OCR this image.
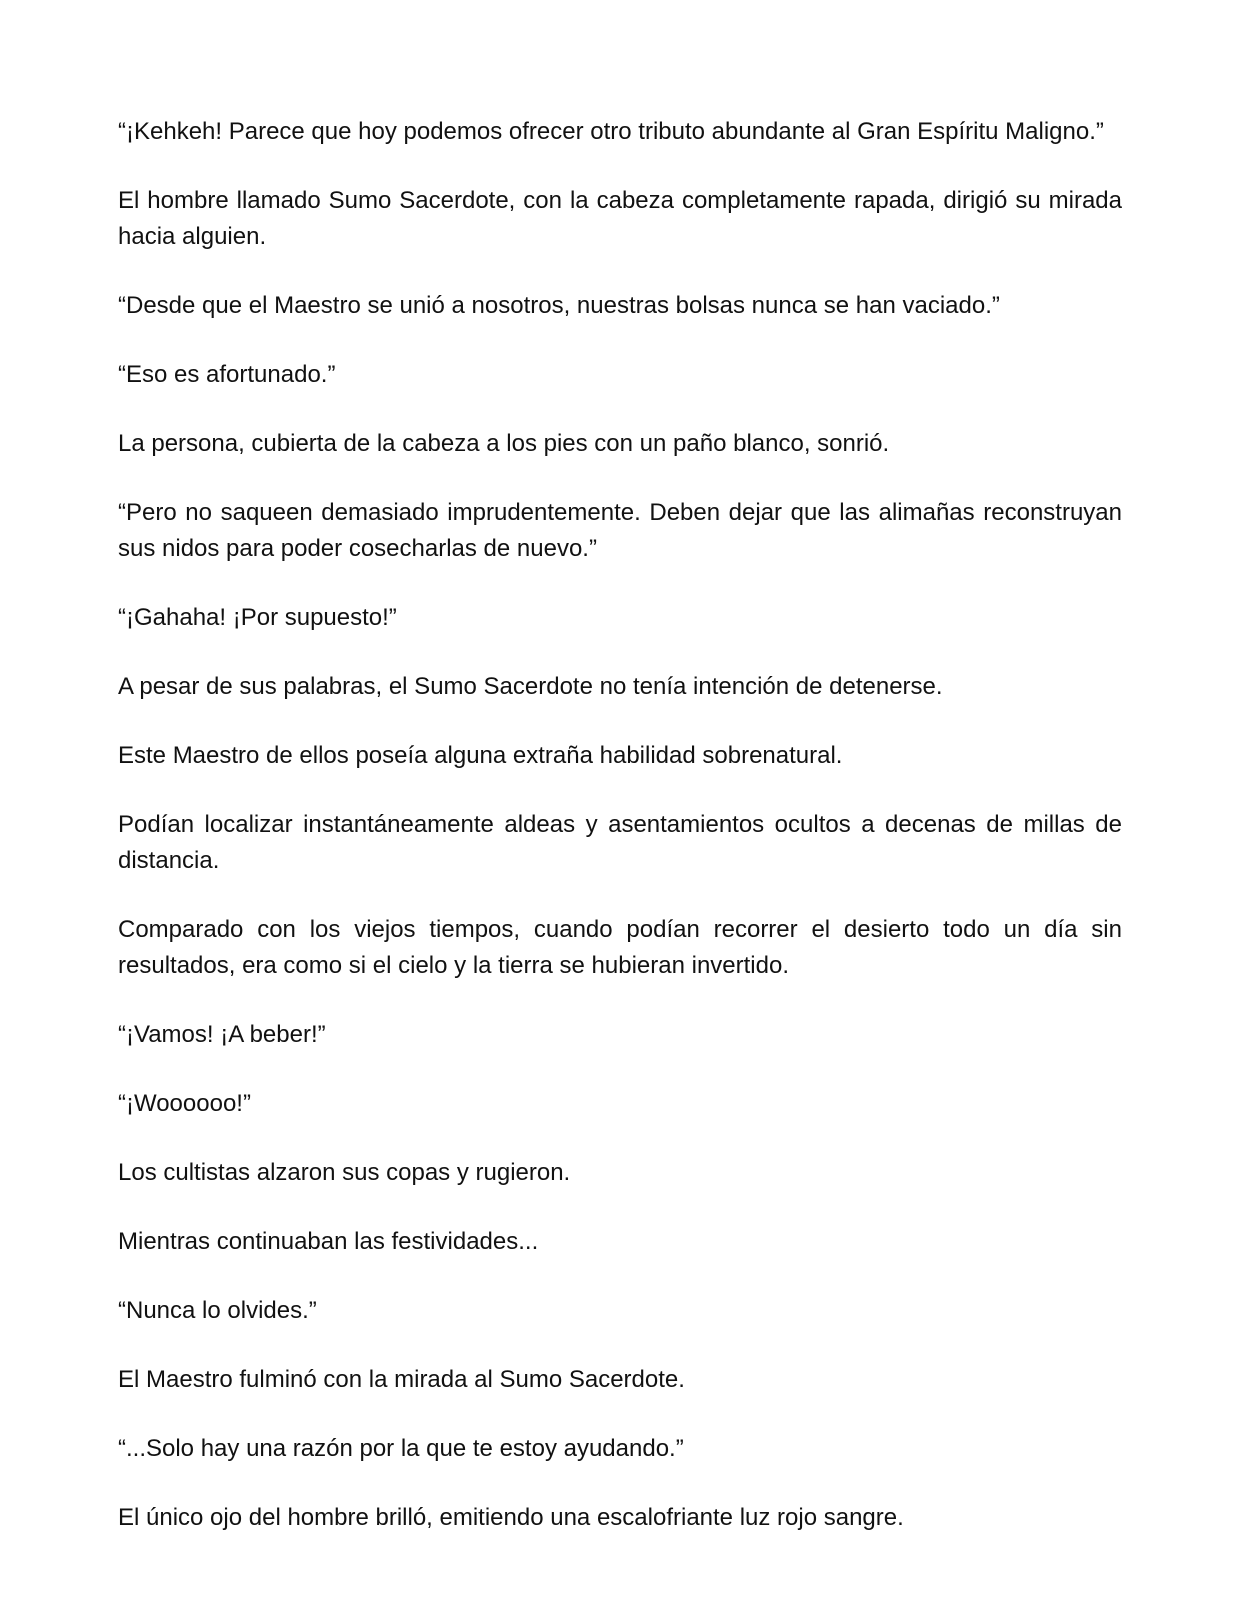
“¡Kehkeh! Parece que hoy podemos ofrecer otro tributo abundante al Gran Espíritu Maligno.”

El hombre llamado Sumo Sacerdote, con la cabeza completamente rapada, dirigió su mirada hacia alguien.

“Desde que el Maestro se unió a nosotros, nuestras bolsas nunca se han vaciado.”

“Eso es afortunado.”

La persona, cubierta de la cabeza a los pies con un paño blanco, sonrió.

“Pero no saqueen demasiado imprudentemente. Deben dejar que las alimañas reconstruyan sus nidos para poder cosecharlas de nuevo.”

“¡Gahaha! ¡Por supuesto!”

A pesar de sus palabras, el Sumo Sacerdote no tenía intención de detenerse.

Este Maestro de ellos poseía alguna extraña habilidad sobrenatural.

Podían localizar instantáneamente aldeas y asentamientos ocultos a decenas de millas de distancia.

Comparado con los viejos tiempos, cuando podían recorrer el desierto todo un día sin resultados, era como si el cielo y la tierra se hubieran invertido.

“¡Vamos! ¡A beber!”

“¡Woooooo!”

Los cultistas alzaron sus copas y rugieron.

Mientras continuaban las festividades...

“Nunca lo olvides.”

El Maestro fulminó con la mirada al Sumo Sacerdote.

“...Solo hay una razón por la que te estoy ayudando.”

El único ojo del hombre brilló, emitiendo una escalofriante luz rojo sangre.
